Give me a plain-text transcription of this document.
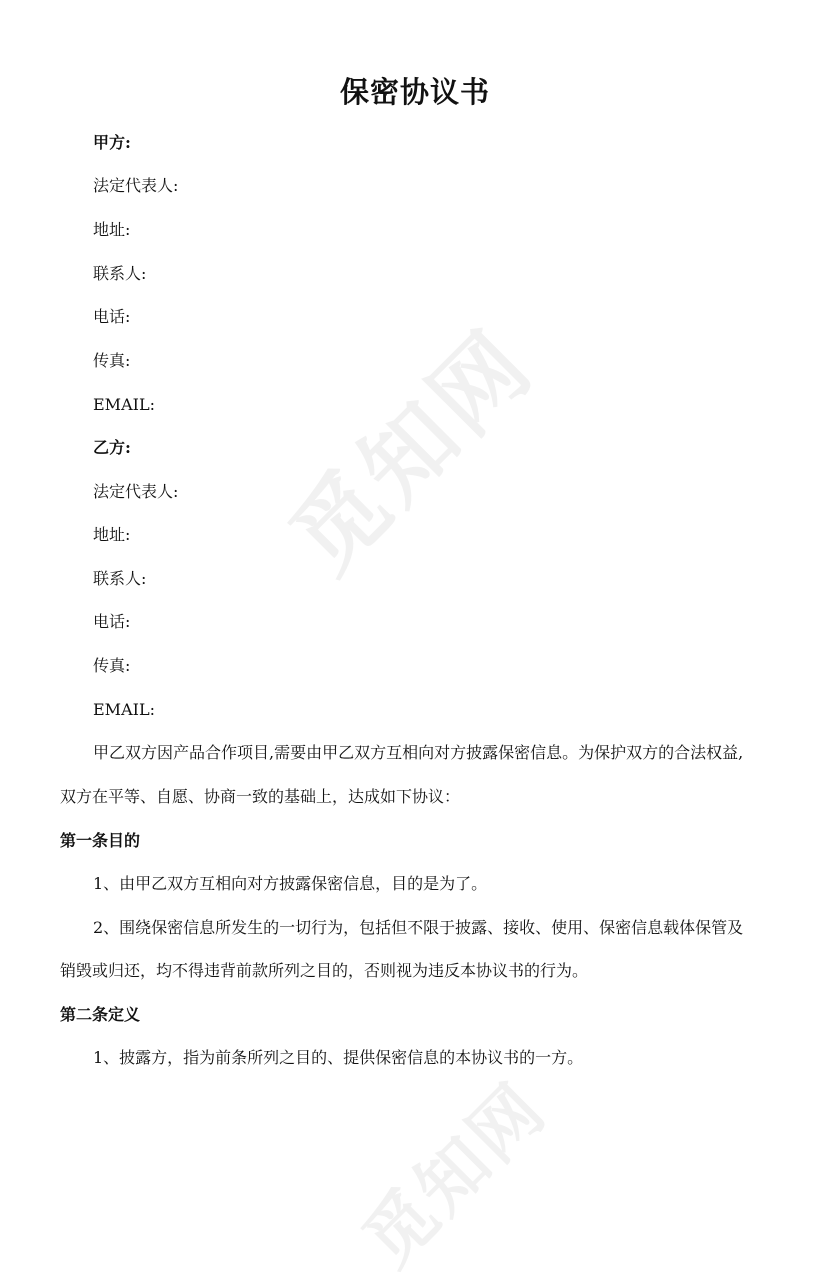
觅知网
觅知网
保密协议书

甲方:

法定代表人:

地址:

联系人:

电话:

传真:

EMAIL:

乙方:

法定代表人:

地址:

联系人:

电话:

传真:

EMAIL:

甲乙双方因产品合作项目,需要由甲乙双方互相向对方披露保密信息。为保护双方的合法权益,

双方在平等、自愿、协商一致的基础上，达成如下协议：

第一条目的

1、由甲乙双方互相向对方披露保密信息，目的是为了。

2、围绕保密信息所发生的一切行为，包括但不限于披露、接收、使用、保密信息载体保管及

销毁或归还，均不得违背前款所列之目的，否则视为违反本协议书的行为。

第二条定义

1、披露方，指为前条所列之目的、提供保密信息的本协议书的一方。
